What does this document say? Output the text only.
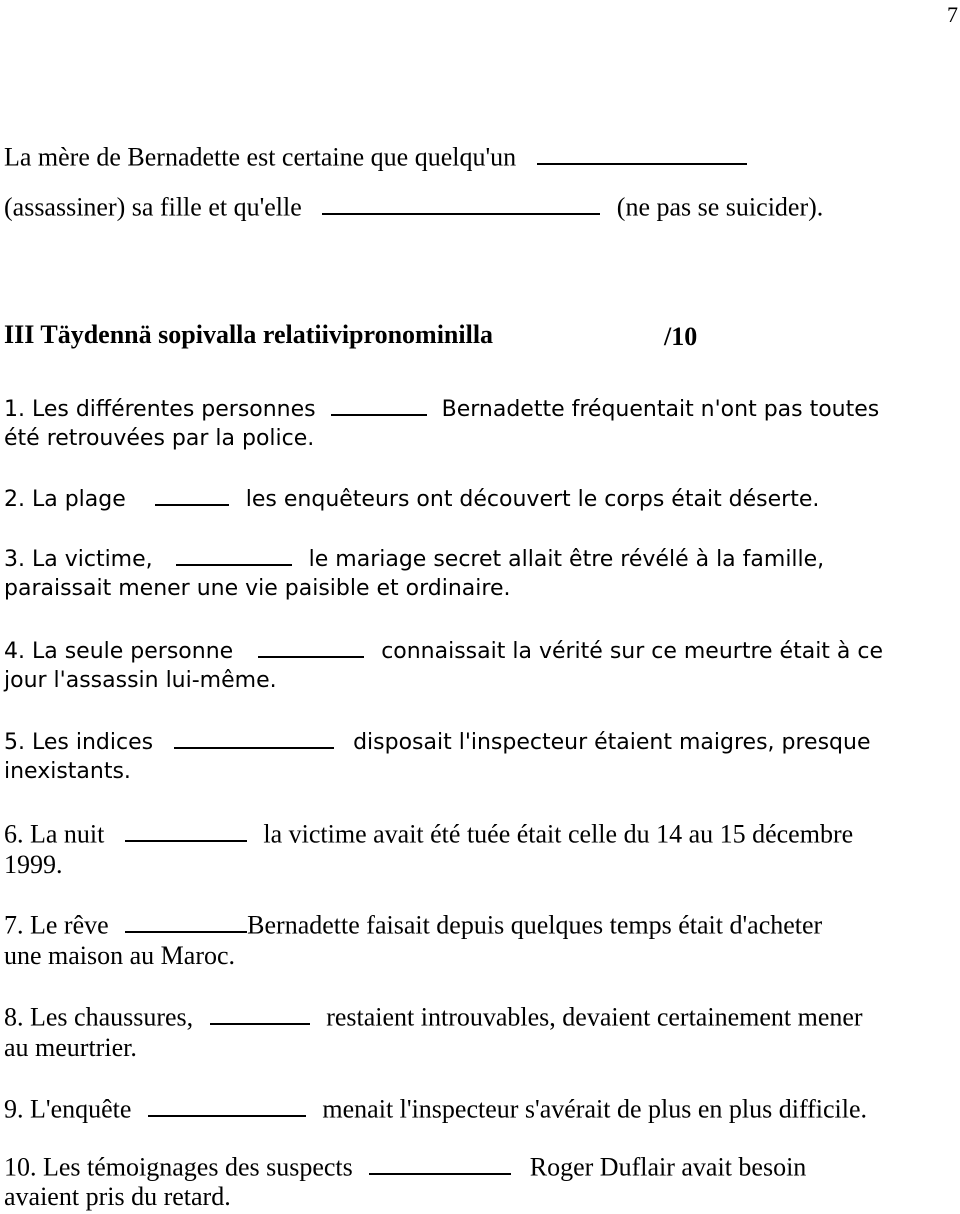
7
La mère de Bernadette est certaine que quelqu'un
(assassiner) sa fille et qu'elle	(ne pas se suicider).
III Täydennä sopivalla relatiivipronominilla	/10
1. Les différentes personnes	Bernadette fréquentait n'ont pas toutes
été retrouvées par la police.
2. La plage	les enquêteurs ont découvert le corps était déserte.
3. La victime,	le mariage secret allait être révélé à la famille,
paraissait mener une vie paisible et ordinaire.
4. La seule personne	connaissait la vérité sur ce meurtre était à ce
jour l'assassin lui-même.
5. Les indices	disposait l'inspecteur étaient maigres, presque
inexistants.
6. La nuit	la victime avait été tuée était celle du 14 au 15 décembre
1999.
7. Le rêve	Bernadette faisait depuis quelques temps était d'acheter
une maison au Maroc.
8. Les chaussures,	restaient introuvables, devaient certainement mener
au meurtrier.
9. L'enquête	menait l'inspecteur s'avérait de plus en plus difficile.
10. Les témoignages des suspects	Roger Duflair avait besoin
avaient pris du retard.
